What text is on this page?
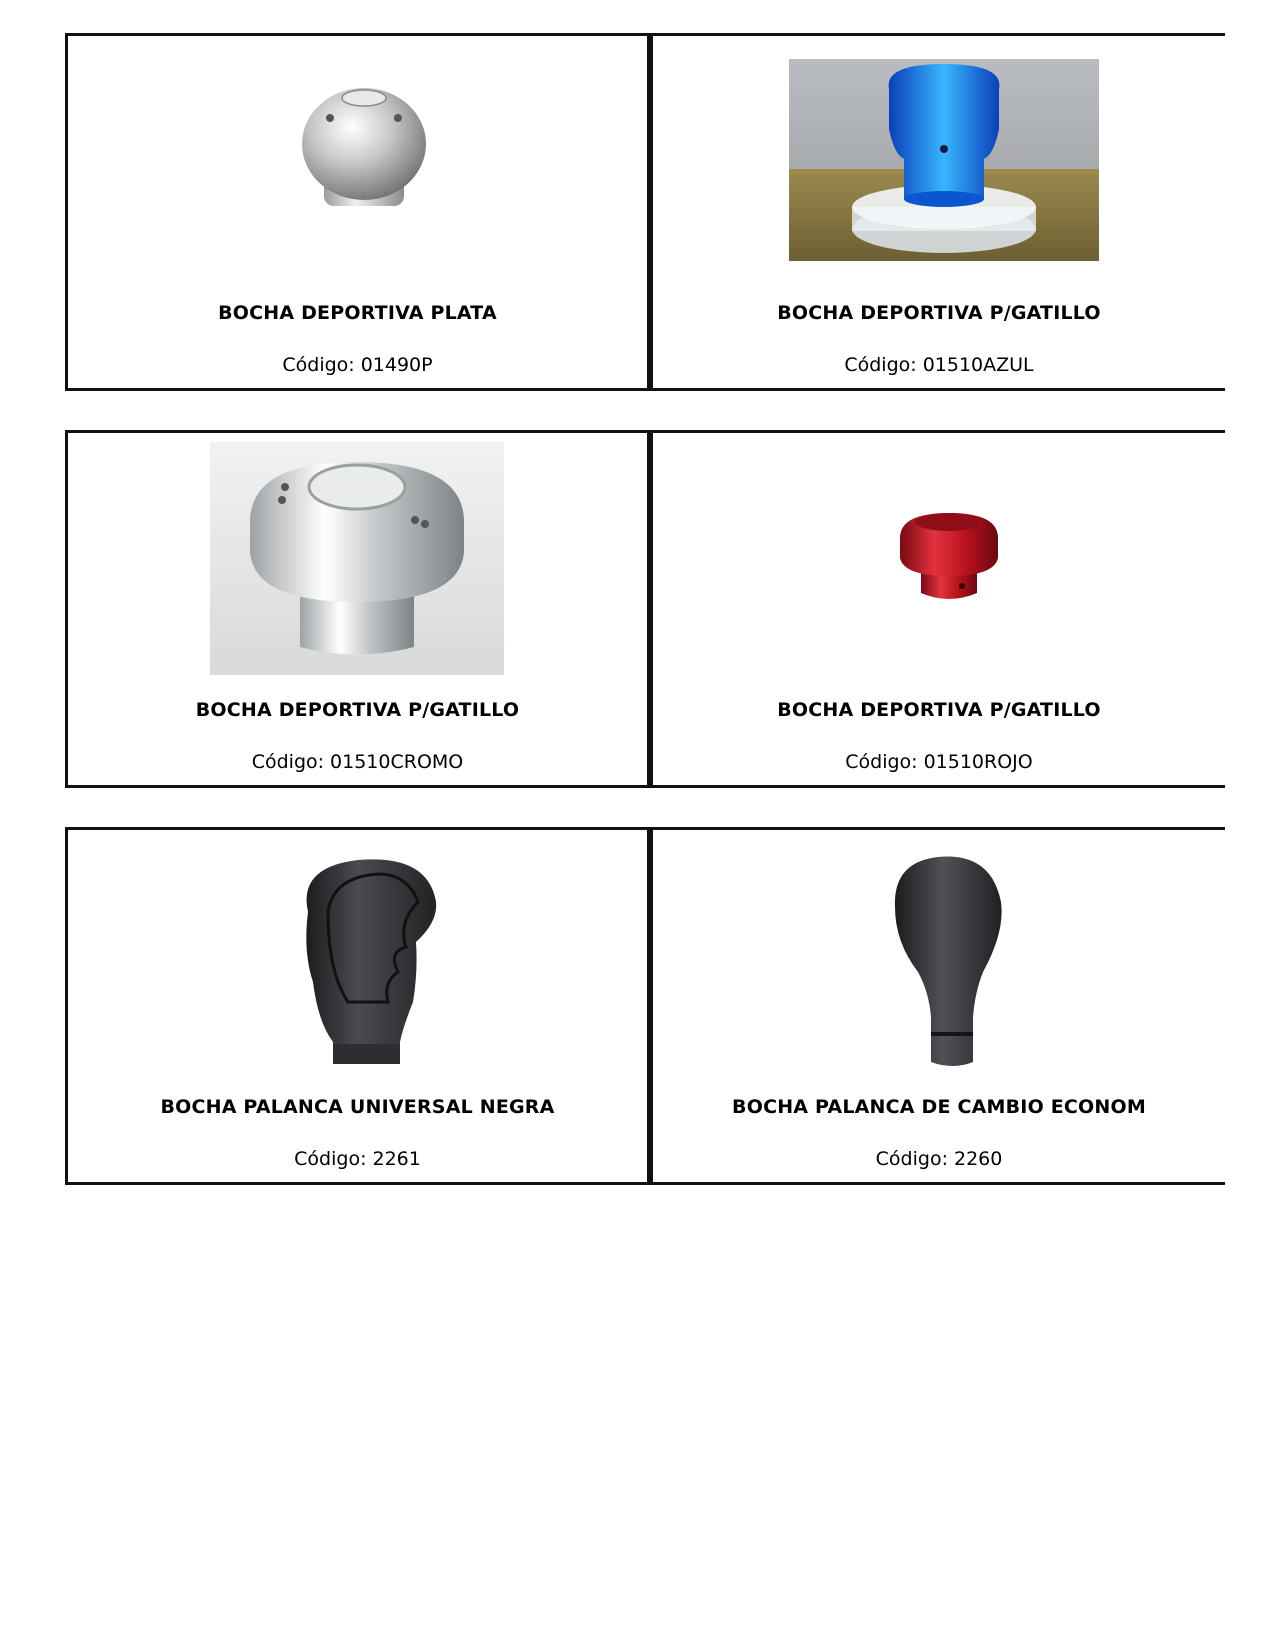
BOCHA DEPORTIVA PLATA
Código: 01490P
BOCHA DEPORTIVA P/GATILLO
Código: 01510AZUL
BOCHA DEPORTIVA P/GATILLO
Código: 01510CROMO
BOCHA DEPORTIVA P/GATILLO
Código: 01510ROJO
BOCHA PALANCA UNIVERSAL NEGRA
Código: 2261
BOCHA PALANCA DE CAMBIO ECONOM
Código: 2260
